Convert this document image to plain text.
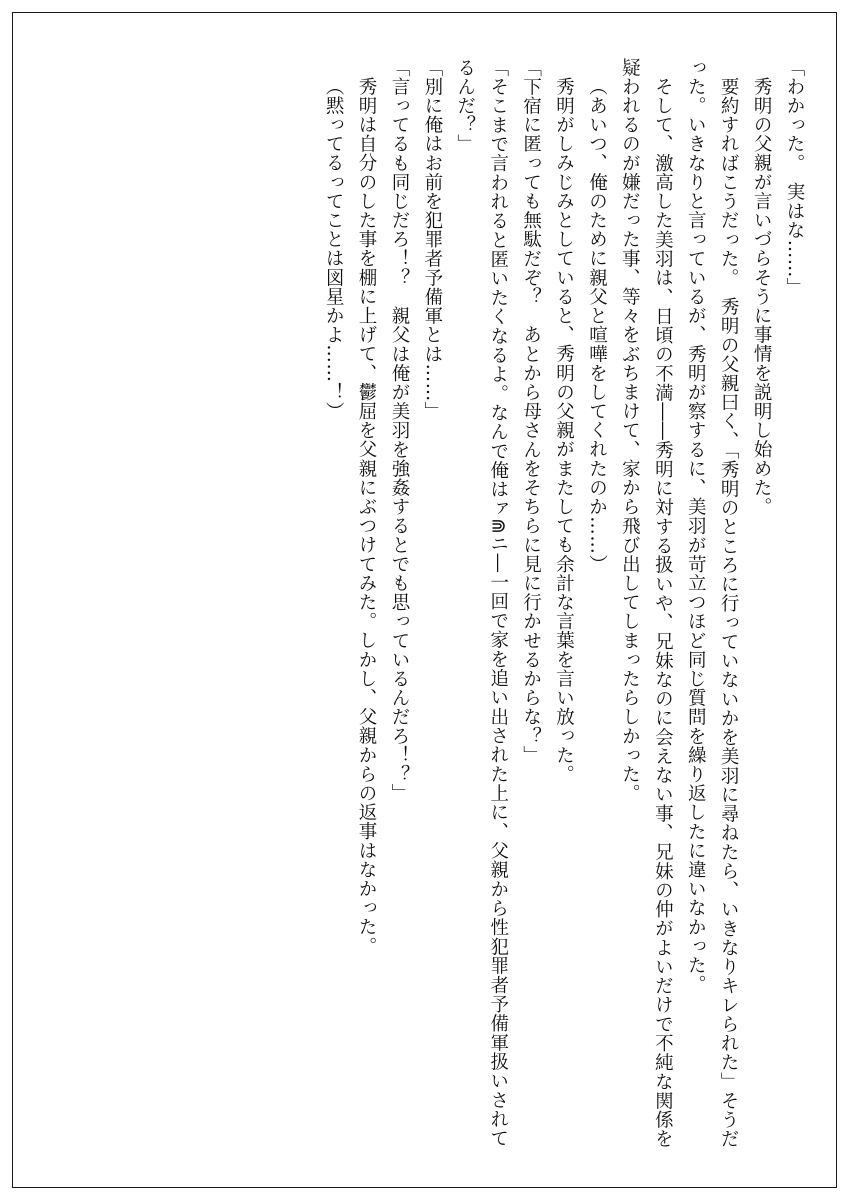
「わかった。　実はな……」

秀明の父親が言いづらそうに事情を説明し始めた。

要約すればこうだった。　秀明の父親曰く、「秀明のところに行っていないかを美羽に尋ねたら、いきなりキレられた」そうだった。いきなりと言っているが、秀明が察するに、美羽が苛立つほど同じ質問を繰り返したに違いなかった。

そして、激高した美羽は、日頃の不満――秀明に対する扱いや、兄妹なのに会えない事、兄妹の仲がよいだけで不純な関係を疑われるのが嫌だった事、等々をぶちまけて、家から飛び出してしまったらしかった。

（あいつ、俺のために親父と喧嘩をしてくれたのか……）

秀明がしみじみとしていると、秀明の父親がまたしても余計な言葉を言い放った。

「下宿に匿っても無駄だぞ？　あとから母さんをそちらに見に行かせるからな？」

「そこまで言われると匿いたくなるよ。なんで俺はァ⋒ニ―一回で家を追い出された上に、父親から性犯罪者予備軍扱いされてるんだ？」

「別に俺はお前を犯罪者予備軍とは……」

「言ってるも同じだろ！？　親父は俺が美羽を強姦するとでも思っているんだろ！？」

秀明は自分のした事を棚に上げて、鬱屈を父親にぶつけてみた。しかし、父親からの返事はなかった。

（黙ってるってことは図星かよ……！）
